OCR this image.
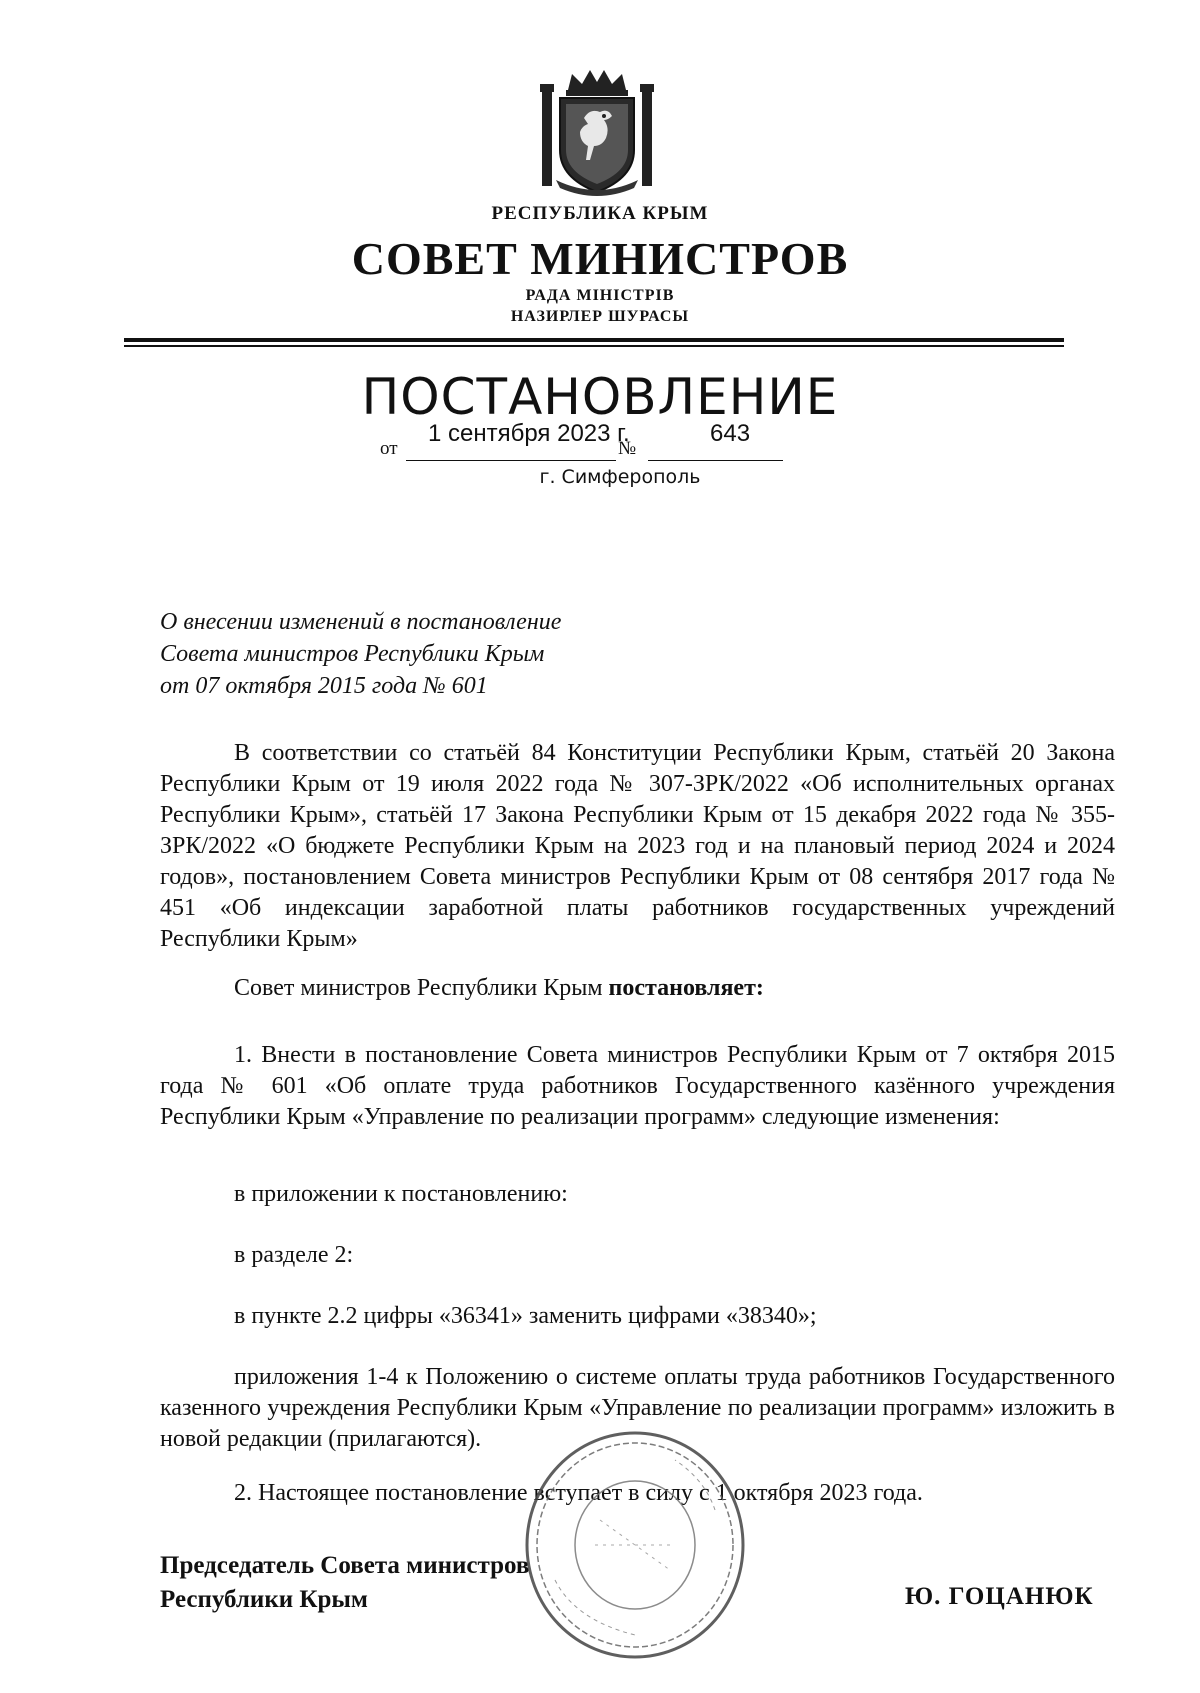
РЕСПУБЛИКА КРЫМ
СОВЕТ МИНИСТРОВ
РАДА МІНІСТРІВ
НАЗИРЛЕР ШУРАСЫ
ПОСТАНОВЛЕНИЕ
от
1 сентября 2023 г.
№
643
г. Симферополь
О внесении изменений в постановление
Совета министров Республики Крым
от 07 октября 2015 года № 601
В соответствии со статьёй 84 Конституции Республики Крым, статьёй 20 Закона Республики Крым от 19 июля 2022 года № 307-ЗРК/2022 «Об исполнительных органах Республики Крым», статьёй 17 Закона Республики Крым от 15 декабря 2022 года № 355-ЗРК/2022 «О бюджете Республики Крым на 2023 год и на плановый период 2024 и 2024 годов», постановлением Совета министров Республики Крым от 08 сентября 2017 года № 451 «Об индексации заработной платы работников государственных учреждений Республики Крым»
Совет министров Республики Крым постановляет:
1. Внести в постановление Совета министров Республики Крым от 7 октября 2015 года № 601 «Об оплате труда работников Государственного казённого учреждения Республики Крым «Управление по реализации программ» следующие изменения:
в приложении к постановлению:
в разделе 2:
в пункте 2.2 цифры «36341» заменить цифрами «38340»;
приложения 1-4 к Положению о системе оплаты труда работников Государственного казенного учреждения Республики Крым «Управление по реализации программ» изложить в новой редакции (прилагаются).
2. Настоящее постановление вступает в силу с 1 октября 2023 года.
Председатель Совета министров
Республики Крым	Ю. ГОЦАНЮК
